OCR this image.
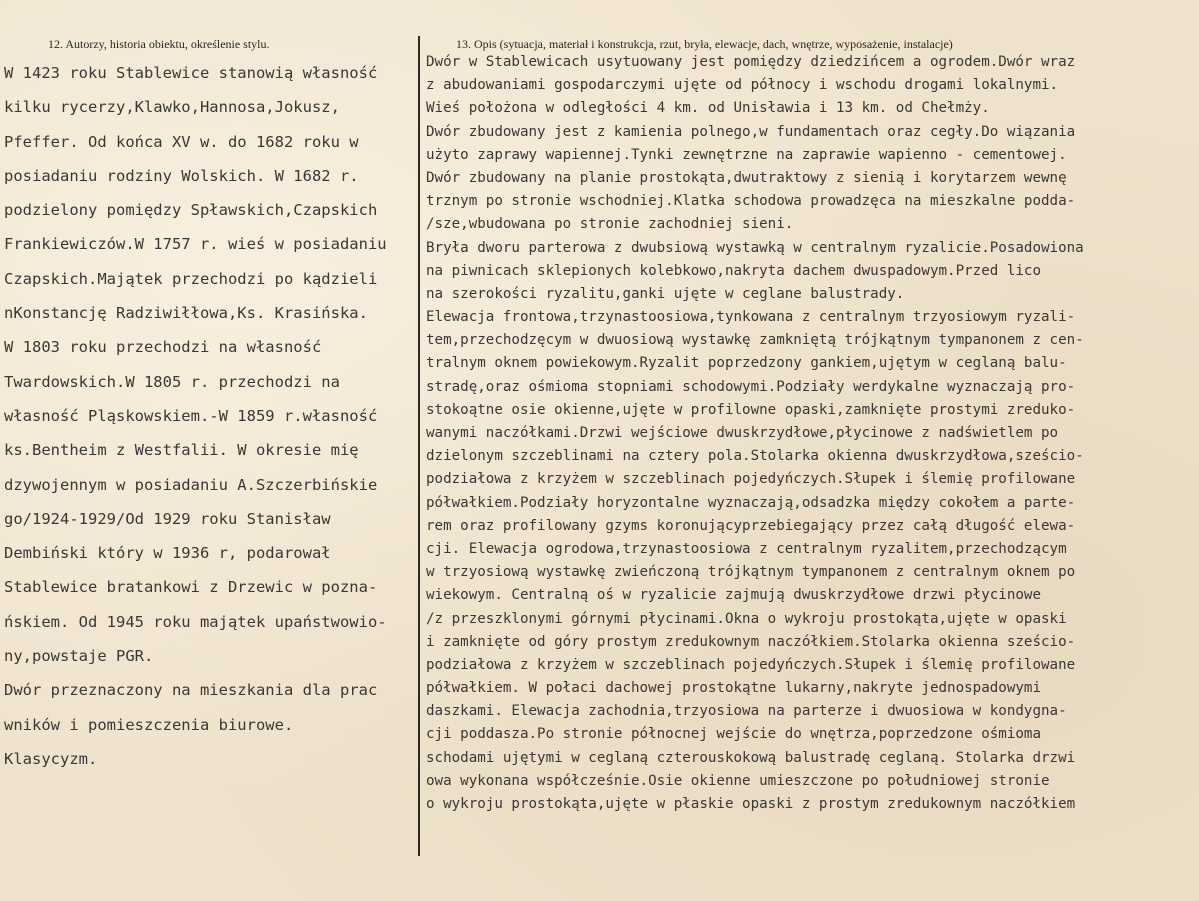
12. Autorzy, historia obiektu, określenie stylu.	13. Opis (sytuacja, materiał i konstrukcja, rzut, bryła, elewacje, dach, wnętrze, wyposażenie, instalacje)
W 1423 roku Stablewice stanowią własność
kilku rycerzy,Klawko,Hannosa,Jokusz,
Pfeffer. Od końca XV w. do 1682 roku w
posiadaniu rodziny Wolskich. W 1682 r.
podzielony pomiędzy Spławskich,Czapskich
Frankiewiczów.W 1757 r. wieś w posiadaniu
Czapskich.Majątek przechodzi po kądzieli
nKonstancję Radziwiłłowa,Ks. Krasińska.
W 1803 roku przechodzi na własność
Twardowskich.W 1805 r. przechodzi na
własność Pląskowskiem.-W 1859 r.własność
ks.Bentheim z Westfalii. W okresie mię
dzywojennym w posiadaniu A.Szczerbińskie
go/1924-1929/Od 1929 roku Stanisław
Dembiński który w 1936 r, podarował
Stablewice bratankowi z Drzewic w pozna-
ńskiem. Od 1945 roku majątek upaństwowio-
ny,powstaje PGR.
Dwór przeznaczony na mieszkania dla prac
wników i pomieszczenia biurowe.
Klasycyzm.
Dwór w Stablewicach usytuowany jest pomiędzy dziedzińcem a ogrodem.Dwór wraz
z abudowaniami gospodarczymi ujęte od północy i wschodu drogami lokalnymi.
Wieś położona w odległości 4 km. od Unisławia i 13 km. od Chełmży.
Dwór zbudowany jest z kamienia polnego,w fundamentach oraz cegły.Do wiązania
użyto zaprawy wapiennej.Tynki zewnętrzne na zaprawie wapienno - cementowej.
Dwór zbudowany na planie prostokąta,dwutraktowy z sienią i korytarzem wewnę
trznym po stronie wschodniej.Klatka schodowa prowadzęca na mieszkalne podda-
/sze,wbudowana po stronie zachodniej sieni.
Bryła dworu parterowa z dwubsiową wystawką w centralnym ryzalicie.Posadowiona
na piwnicach sklepionych kolebkowo,nakryta dachem dwuspadowym.Przed lico
na szerokości ryzalitu,ganki ujęte w ceglane balustrady.
Elewacja frontowa,trzynastoosiowa,tynkowana z centralnym trzyosiowym ryzali-
tem,przechodzęcym w dwuosiową wystawkę zamkniętą trójkątnym tympanonem z cen-
tralnym oknem powiekowym.Ryzalit poprzedzony gankiem,ujętym w ceglaną balu-
stradę,oraz ośmioma stopniami schodowymi.Podziały werdykalne wyznaczają pro-
stokoątne osie okienne,ujęte w profilowne opaski,zamknięte prostymi zredukо-
wanymi naczółkami.Drzwi wejściowe dwuskrzydłowe,płycinowe z nadświetlem po
dzielonym szczeblinami na cztery pola.Stolarka okienna dwuskrzydłowa,sześcio-
podziałowa z krzyżem w szczeblinach pojedyńczych.Słupek i ślemię profilowane
półwałkiem.Podziały horyzontalne wyznaczają,odsadzka między cokołem a parte-
rem oraz profilowany gzyms koronującyprzebiegający przez całą długość elewa-
cji. Elewacja ogrodowa,trzynastoosiowa z centralnym ryzalitem,przechodzącym
w trzyosiową wystawkę zwieńczoną trójkątnym tympanonem z centralnym oknem po
wiekowym. Centralną oś w ryzalicie zajmują dwuskrzydłowe drzwi płycinowe
/z przeszklonymi górnymi płycinami.Okna o wykroju prostokąta,ujęte w opaski
i zamknięte od góry prostym zredukownym naczółkiem.Stolarka okienna sześcio-
podziałowa z krzyżem w szczeblinach pojedyńczych.Słupek i ślemię profilowane
półwałkiem. W połaci dachowej prostokątne lukarny,nakryte jednospadowymi
daszkami. Elewacja zachodnia,trzyosiowa na parterze i dwuosiowa w kondygna-
cji poddasza.Po stronie północnej wejście do wnętrza,poprzedzone ośmioma
schodami ujętymi w ceglaną czterouskokową balustradę ceglaną. Stolarka drzwi
owa wykonana współcześnie.Osie okienne umieszczone po południowej stronie
o wykroju prostokąta,ujęte w płaskie opaski z prostym zredukownym naczółkiem
